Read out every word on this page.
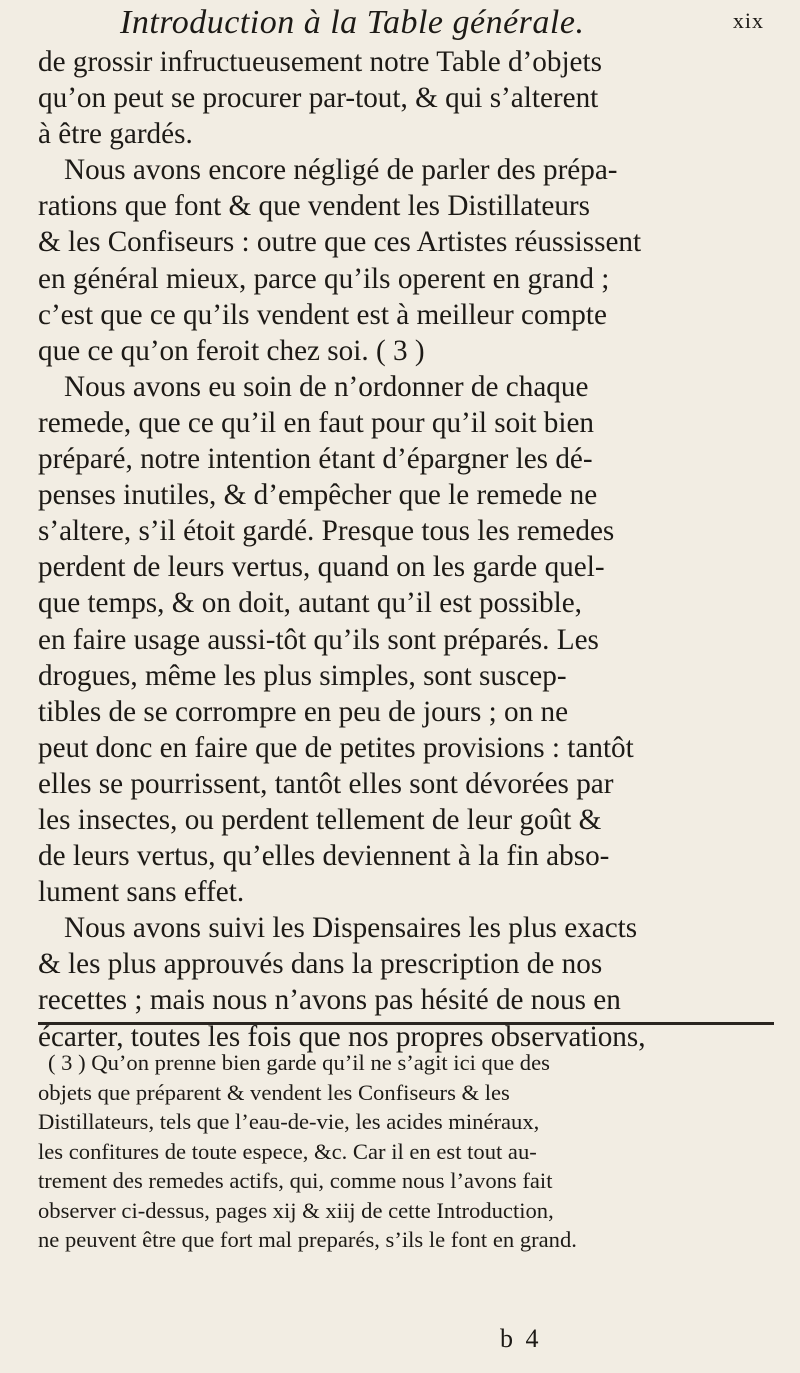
Introduction à la Table générale.	xix
de grossir infructueusement notre Table d’objets
qu’on peut se procurer par-tout, & qui s’alterent
à être gardés.
Nous avons encore négligé de parler des prépa-
rations que font & que vendent les Distillateurs
& les Confiseurs : outre que ces Artistes réussissent
en général mieux, parce qu’ils operent en grand ;
c’est que ce qu’ils vendent est à meilleur compte
que ce qu’on feroit chez soi. ( 3 )
Nous avons eu soin de n’ordonner de chaque
remede, que ce qu’il en faut pour qu’il soit bien
préparé, notre intention étant d’épargner les dé-
penses inutiles, & d’empêcher que le remede ne
s’altere, s’il étoit gardé. Presque tous les remedes
perdent de leurs vertus, quand on les garde quel-
que temps, & on doit, autant qu’il est possible,
en faire usage aussi-tôt qu’ils sont préparés. Les
drogues, même les plus simples, sont suscep-
tibles de se corrompre en peu de jours ; on ne
peut donc en faire que de petites provisions : tantôt
elles se pourrissent, tantôt elles sont dévorées par
les insectes, ou perdent tellement de leur goût &
de leurs vertus, qu’elles deviennent à la fin abso-
lument sans effet.
Nous avons suivi les Dispensaires les plus exacts
& les plus approuvés dans la prescription de nos
recettes ; mais nous n’avons pas hésité de nous en
écarter, toutes les fois que nos propres observations,
( 3 ) Qu’on prenne bien garde qu’il ne s’agit ici que des
objets que préparent & vendent les Confiseurs & les
Distillateurs, tels que l’eau-de-vie, les acides minéraux,
les confitures de toute espece, &c. Car il en est tout au-
trement des remedes actifs, qui, comme nous l’avons fait
observer ci-dessus, pages xij & xiij de cette Introduction,
ne peuvent être que fort mal preparés, s’ils le font en grand.
b 4
